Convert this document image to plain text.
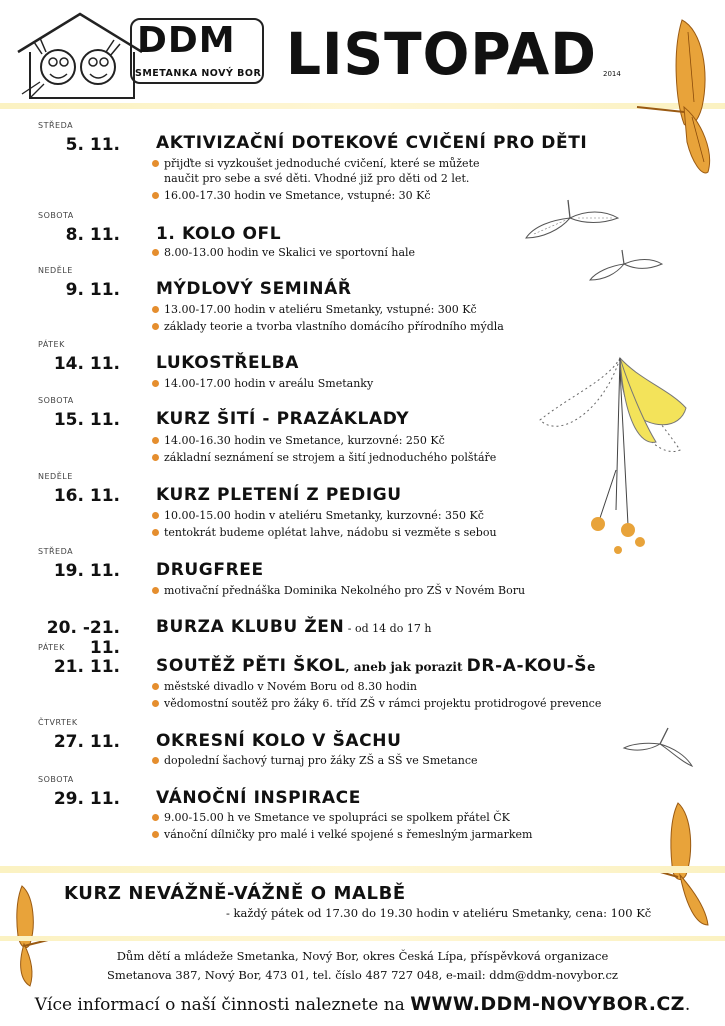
DDM
SMETANKA NOVÝ BOR LISTOPAD 2014
STŘEDA
5. 11. AKTIVIZAČNÍ DOTEKOVÉ CVIČENÍ PRO DĚTI
přijďte si vyzkoušet jednoduché cvičení, které se můžete
naučit pro sebe a své děti. Vhodné již pro děti od 2 let.
16.00-17.30 hodin ve Smetance, vstupné: 30 Kč
SOBOTA
8. 11. 1. KOLO OFL
8.00-13.00 hodin ve Skalici ve sportovní hale
NEDĚLE
9. 11. MÝDLOVÝ SEMINÁŘ
13.00-17.00 hodin v ateliéru Smetanky, vstupné: 300 Kč
základy teorie a tvorba vlastního domácího přírodního mýdla
PÁTEK
14. 11. LUKOSTŘELBA
14.00-17.00 hodin v areálu Smetanky
SOBOTA
15. 11. KURZ ŠITÍ - PRAZÁKLADY
14.00-16.30 hodin ve Smetance, kurzovné: 250 Kč
základní seznámení se strojem a šití jednoduchého polštáře
NEDĚLE
16. 11. KURZ PLETENÍ Z PEDIGU
10.00-15.00 hodin v ateliéru Smetanky, kurzovné: 350 Kč
tentokrát budeme oplétat lahve, nádobu si vezměte s sebou
STŘEDA
19. 11. DRUGFREE
motivační přednáška Dominika Nekolného pro ZŠ v Novém Boru
20. -21. 11.
BURZA KLUBU ŽEN - od 14 do 17 h
PÁTEK
21. 11. SOUTĚŽ PĚTI ŠKOL, aneb jak porazit DR-A-KOU-Še
městské divadlo v Novém Boru od 8.30 hodin
vědomostní soutěž pro žáky 6. tříd ZŠ v rámci projektu protidrogové prevence
ČTVRTEK
27. 11. OKRESNÍ KOLO V ŠACHU
dopolední šachový turnaj pro žáky ZŠ a SŠ ve Smetance
SOBOTA
29. 11. VÁNOČNÍ INSPIRACE
9.00-15.00 h ve Smetance ve spolupráci se spolkem přátel ČK
vánoční dílničky pro malé i velké spojené s řemeslným jarmarkem
KURZ NEVÁŽNĚ-VÁŽNĚ O MALBĚ
- každý pátek od 17.30 do 19.30 hodin v ateliéru Smetanky, cena: 100 Kč
Dům dětí a mládeže Smetanka, Nový Bor, okres Česká Lípa, příspěvková organizace
Smetanova 387, Nový Bor, 473 01, tel. číslo 487 727 048, e-mail: ddm@ddm-novybor.cz
Více informací o naší činnosti naleznete na WWW.DDM-NOVYBOR.CZ.
